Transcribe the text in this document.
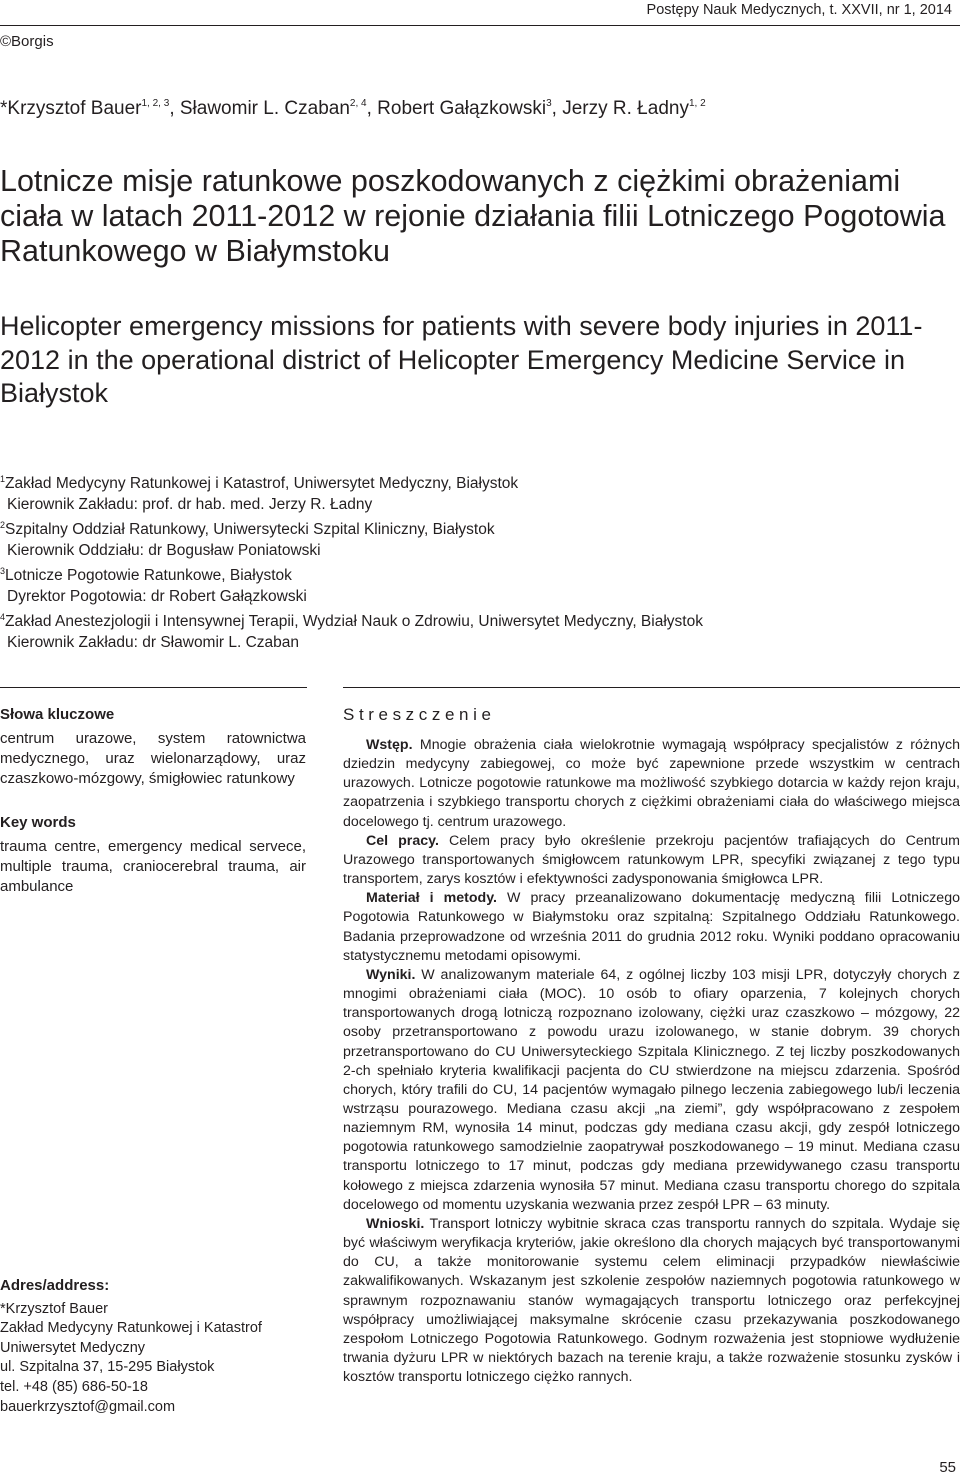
Postępy Nauk Medycznych, t. XXVII, nr 1, 2014
©Borgis
*Krzysztof Bauer$^{1, 2, 3}$, Sławomir L. Czaban$^{2, 4}$, Robert Gałązkowski$^3$, Jerzy R. Ładny$^{1, 2}$
Lotnicze misje ratunkowe poszkodowanych z ciężkimi obrażeniami ciała w latach 2011-2012 w rejonie działania filii Lotniczego Pogotowia Ratunkowego w Białymstoku
Helicopter emergency missions for patients with severe body injuries in 2011-2012 in the operational district of Helicopter Emergency Medicine Service in Białystok
$^1$Zakład Medycyny Ratunkowej i Katastrof, Uniwersytet Medyczny, Białystok
Kierownik Zakładu: prof. dr hab. med. Jerzy R. Ładny
$^2$Szpitalny Oddział Ratunkowy, Uniwersytecki Szpital Kliniczny, Białystok
Kierownik Oddziału: dr Bogusław Poniatowski
$^3$Lotnicze Pogotowie Ratunkowe, Białystok
Dyrektor Pogotowia: dr Robert Gałązkowski
$^4$Zakład Anestezjologii i Intensywnej Terapii, Wydział Nauk o Zdrowiu, Uniwersytet Medyczny, Białystok
Kierownik Zakładu: dr Sławomir L. Czaban
Słowa kluczowe

centrum urazowe, system ratownictwa medycznego, uraz wielonarządowy, uraz czaszkowo-mózgowy, śmigłowiec ratunkowy

Key words

trauma centre, emergency medical servece, multiple trauma, craniocerebral trauma, air ambulance

Adres/address:
*Krzysztof Bauer
Zakład Medycyny Ratunkowej i Katastrof
Uniwersytet Medyczny
ul. Szpitalna 37, 15-295 Białystok
tel. +48 (85) 686-50-18
bauerkrzysztof@gmail.com
Streszczenie

Wstęp. Mnogie obrażenia ciała wielokrotnie wymagają współpracy specjalistów z różnych dziedzin medycyny zabiegowej, co może być zapewnione przede wszystkim w centrach urazowych. Lotnicze pogotowie ratunkowe ma możliwość szybkiego dotarcia w każdy rejon kraju, zaopatrzenia i szybkiego transportu chorych z ciężkimi obrażeniami ciała do właściwego miejsca docelowego tj. centrum urazowego.

Cel pracy. Celem pracy było określenie przekroju pacjentów trafiających do Centrum Urazowego transportowanych śmigłowcem ratunkowym LPR, specyfiki związanej z tego typu transportem, zarys kosztów i efektywności zadysponowania śmigłowca LPR.

Materiał i metody. W pracy przeanalizowano dokumentację medyczną filii Lotniczego Pogotowia Ratunkowego w Białymstoku oraz szpitalną: Szpitalnego Oddziału Ratunkowego. Badania przeprowadzone od września 2011 do grudnia 2012 roku. Wyniki poddano opracowaniu statystycznemu metodami opisowymi.

Wyniki. W analizowanym materiale 64, z ogólnej liczby 103 misji LPR, dotyczyły chorych z mnogimi obrażeniami ciała (MOC). 10 osób to ofiary oparzenia, 7 kolejnych chorych transportowanych drogą lotniczą rozpoznano izolowany, ciężki uraz czaszkowo – mózgowy, 22 osoby przetransportowano z powodu urazu izolowanego, w stanie dobrym. 39 chorych przetransportowano do CU Uniwersyteckiego Szpitala Klinicznego. Z tej liczby poszkodowanych 2-ch spełniało kryteria kwalifikacji pacjenta do CU stwierdzone na miejscu zdarzenia. Spośród chorych, który trafili do CU, 14 pacjentów wymagało pilnego leczenia zabiegowego lub/i leczenia wstrząsu pourazowego. Mediana czasu akcji „na ziemi”, gdy współpracowano z zespołem naziemnym RM, wynosiła 14 minut, podczas gdy mediana czasu akcji, gdy zespół lotniczego pogotowia ratunkowego samodzielnie zaopatrywał poszkodowanego – 19 minut. Mediana czasu transportu lotniczego to 17 minut, podczas gdy mediana przewidywanego czasu transportu kołowego z miejsca zdarzenia wynosiła 57 minut. Mediana czasu transportu chorego do szpitala docelowego od momentu uzyskania wezwania przez zespół LPR – 63 minuty.

Wnioski. Transport lotniczy wybitnie skraca czas transportu rannych do szpitala. Wydaje się być właściwym weryfikacja kryteriów, jakie określono dla chorych mających być transportowanymi do CU, a także monitorowanie systemu celem eliminacji przypadków niewłaściwie zakwalifikowanych. Wskazanym jest szkolenie zespołów naziemnych pogotowia ratunkowego w sprawnym rozpoznawaniu stanów wymagających transportu lotniczego oraz perfekcyjnej współpracy umożliwiającej maksymalne skrócenie czasu przekazywania poszkodowanego zespołom Lotniczego Pogotowia Ratunkowego. Godnym rozważenia jest stopniowe wydłużenie trwania dyżuru LPR w niektórych bazach na terenie kraju, a także rozważenie stosunku zysków i kosztów transportu lotniczego ciężko rannych.

55
